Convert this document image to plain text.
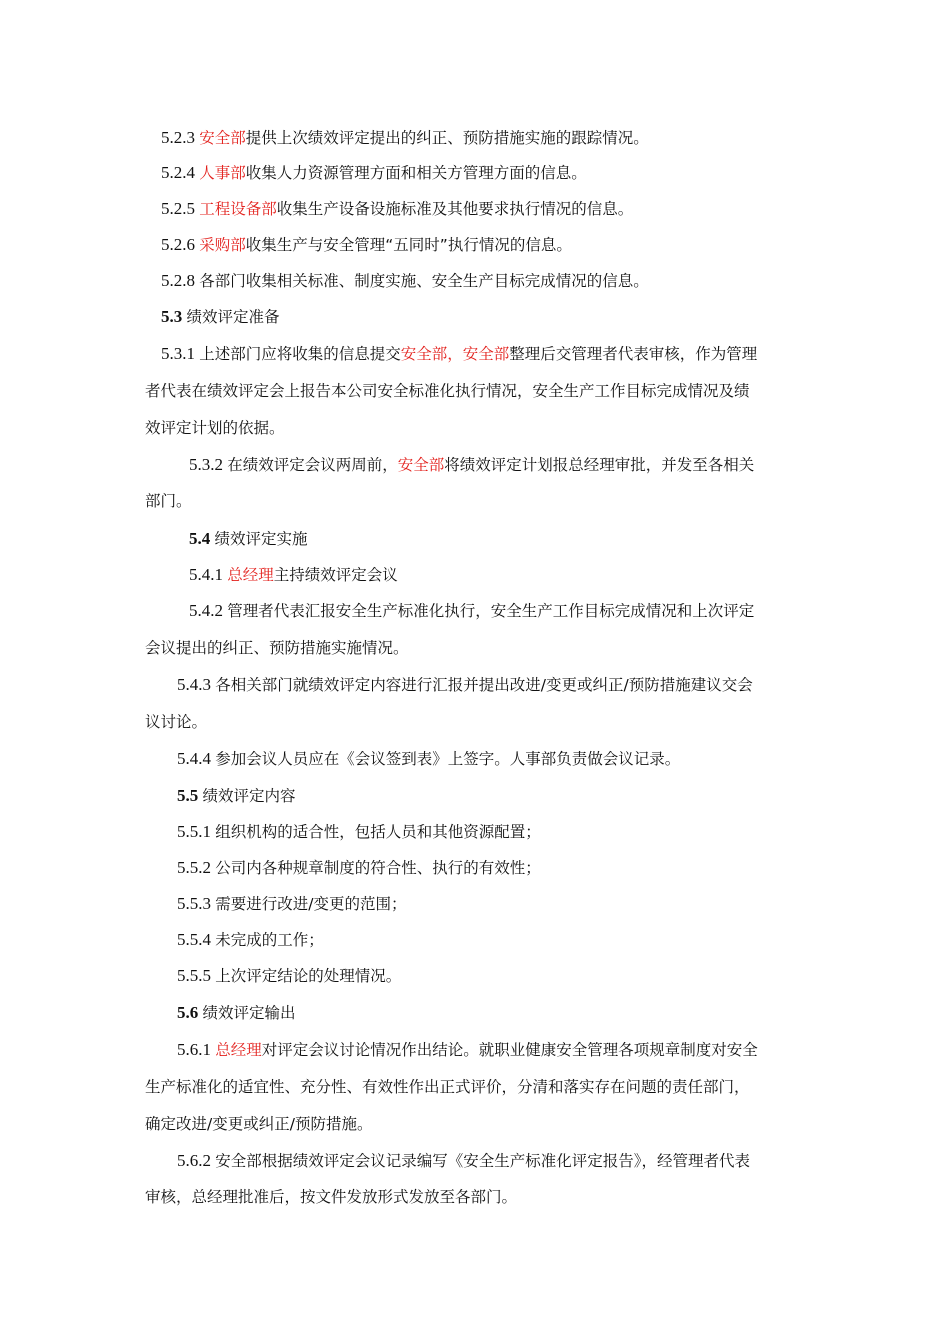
5.2.3 安全部提供上次绩效评定提出的纠正、预防措施实施的跟踪情况。
5.2.4 人事部收集人力资源管理方面和相关方管理方面的信息。
5.2.5 工程设备部收集生产设备设施标准及其他要求执行情况的信息。
5.2.6 采购部收集生产与安全管理“五同时”执行情况的信息。
5.2.8 各部门收集相关标准、制度实施、安全生产目标完成情况的信息。
5.3 绩效评定准备
5.3.1 上述部门应将收集的信息提交安全部，安全部整理后交管理者代表审核，作为管理
者代表在绩效评定会上报告本公司安全标准化执行情况，安全生产工作目标完成情况及绩
效评定计划的依据。
5.3.2 在绩效评定会议两周前，安全部将绩效评定计划报总经理审批，并发至各相关
部门。
5.4 绩效评定实施
5.4.1 总经理主持绩效评定会议
5.4.2 管理者代表汇报安全生产标准化执行，安全生产工作目标完成情况和上次评定
会议提出的纠正、预防措施实施情况。
5.4.3 各相关部门就绩效评定内容进行汇报并提出改进/变更或纠正/预防措施建议交会
议讨论。
5.4.4 参加会议人员应在《会议签到表》上签字。人事部负责做会议记录。
5.5 绩效评定内容
5.5.1 组织机构的适合性，包括人员和其他资源配置；
5.5.2 公司内各种规章制度的符合性、执行的有效性；
5.5.3 需要进行改进/变更的范围；
5.5.4 未完成的工作；
5.5.5 上次评定结论的处理情况。
5.6 绩效评定输出
5.6.1 总经理对评定会议讨论情况作出结论。就职业健康安全管理各项规章制度对安全
生产标准化的适宜性、充分性、有效性作出正式评价，分清和落实存在问题的责任部门，
确定改进/变更或纠正/预防措施。
5.6.2 安全部根据绩效评定会议记录编写《安全生产标准化评定报告》，经管理者代表
审核，总经理批准后，按文件发放形式发放至各部门。
